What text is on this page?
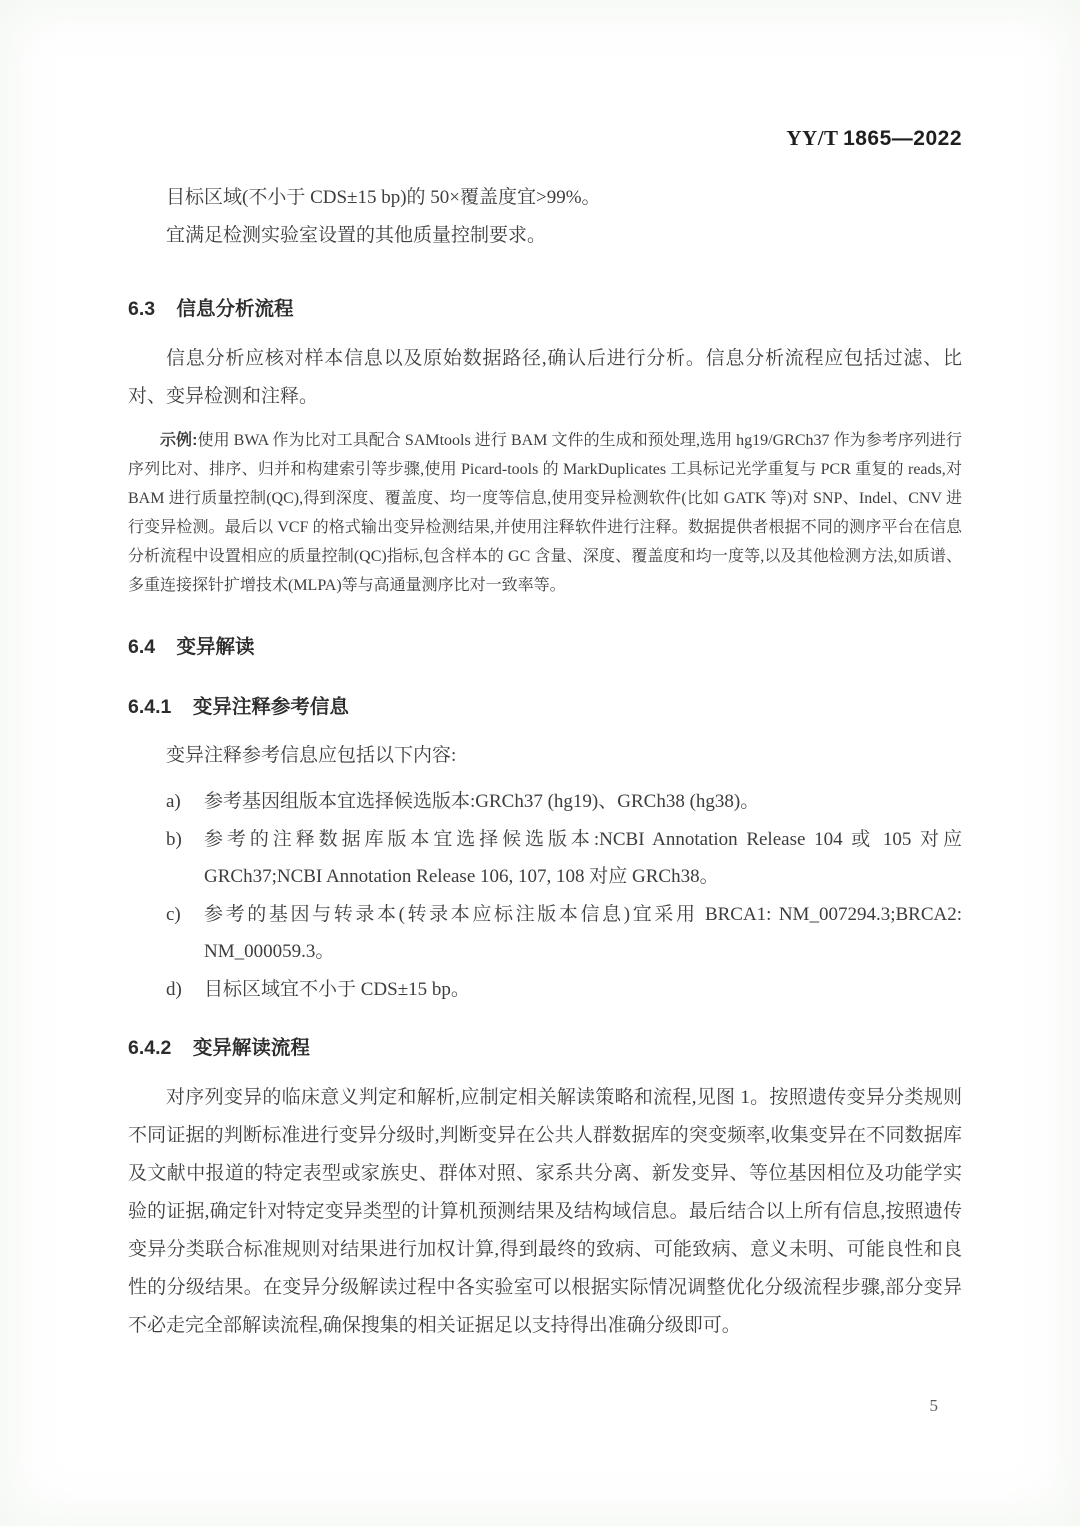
YY/T 1865—2022

目标区域(不小于 CDS±15 bp)的 50×覆盖度宜>99%。

宜满足检测实验室设置的其他质量控制要求。

6.3 信息分析流程

信息分析应核对样本信息以及原始数据路径,确认后进行分析。信息分析流程应包括过滤、比对、变异检测和注释。

示例:使用 BWA 作为比对工具配合 SAMtools 进行 BAM 文件的生成和预处理,选用 hg19/GRCh37 作为参考序列进行序列比对、排序、归并和构建索引等步骤,使用 Picard-tools 的 MarkDuplicates 工具标记光学重复与 PCR 重复的 reads,对 BAM 进行质量控制(QC),得到深度、覆盖度、均一度等信息,使用变异检测软件(比如 GATK 等)对 SNP、Indel、CNV 进行变异检测。最后以 VCF 的格式输出变异检测结果,并使用注释软件进行注释。数据提供者根据不同的测序平台在信息分析流程中设置相应的质量控制(QC)指标,包含样本的 GC 含量、深度、覆盖度和均一度等,以及其他检测方法,如质谱、多重连接探针扩增技术(MLPA)等与高通量测序比对一致率等。
6.4 变异解读
6.4.1 变异注释参考信息

变异注释参考信息应包括以下内容:

a) 参考基因组版本宜选择候选版本:GRCh37 (hg19)、GRCh38 (hg38)。
b) 参考的注释数据库版本宜选择候选版本:NCBI Annotation Release 104 或 105 对应 GRCh37;NCBI Annotation Release 106, 107, 108 对应 GRCh38。
c) 参考的基因与转录本(转录本应标注版本信息)宜采用 BRCA1: NM_007294.3;BRCA2: NM_000059.3。
d) 目标区域宜不小于 CDS±15 bp。
6.4.2 变异解读流程

对序列变异的临床意义判定和解析,应制定相关解读策略和流程,见图 1。按照遗传变异分类规则不同证据的判断标准进行变异分级时,判断变异在公共人群数据库的突变频率,收集变异在不同数据库及文献中报道的特定表型或家族史、群体对照、家系共分离、新发变异、等位基因相位及功能学实验的证据,确定针对特定变异类型的计算机预测结果及结构域信息。最后结合以上所有信息,按照遗传变异分类联合标准规则对结果进行加权计算,得到最终的致病、可能致病、意义未明、可能良性和良性的分级结果。在变异分级解读过程中各实验室可以根据实际情况调整优化分级流程步骤,部分变异不必走完全部解读流程,确保搜集的相关证据足以支持得出准确分级即可。

5
